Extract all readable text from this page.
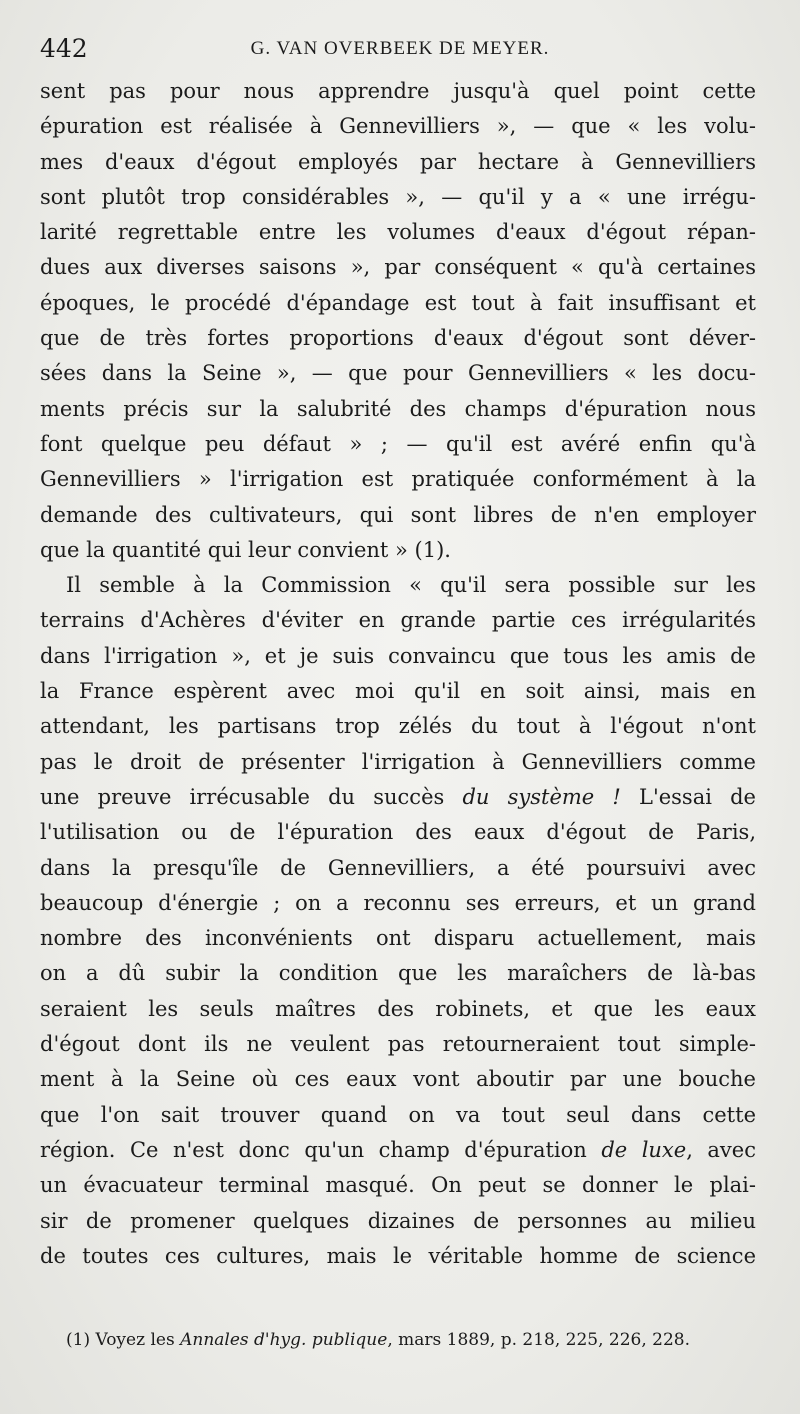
442	G. VAN OVERBEEK DE MEYER.
sent pas pour nous apprendre jusqu'à quel point cette
épuration est réalisée à Gennevilliers », — que « les volu-
mes d'eaux d'égout employés par hectare à Gennevilliers
sont plutôt trop considérables », — qu'il y a « une irrégu-
larité regrettable entre les volumes d'eaux d'égout répan-
dues aux diverses saisons », par conséquent « qu'à certaines
époques, le procédé d'épandage est tout à fait insuffisant et
que de très fortes proportions d'eaux d'égout sont déver-
sées dans la Seine », — que pour Gennevilliers « les docu-
ments précis sur la salubrité des champs d'épuration nous
font quelque peu défaut » ; — qu'il est avéré enfin qu'à
Gennevilliers » l'irrigation est pratiquée conformément à la
demande des cultivateurs, qui sont libres de n'en employer
que la quantité qui leur convient » (1).
Il semble à la Commission « qu'il sera possible sur les
terrains d'Achères d'éviter en grande partie ces irrégularités
dans l'irrigation », et je suis convaincu que tous les amis de
la France espèrent avec moi qu'il en soit ainsi, mais en
attendant, les partisans trop zélés du tout à l'égout n'ont
pas le droit de présenter l'irrigation à Gennevilliers comme
une preuve irrécusable du succès du système ! L'essai de
l'utilisation ou de l'épuration des eaux d'égout de Paris,
dans la presqu'île de Gennevilliers, a été poursuivi avec
beaucoup d'énergie ; on a reconnu ses erreurs, et un grand
nombre des inconvénients ont disparu actuellement, mais
on a dû subir la condition que les maraîchers de là-bas
seraient les seuls maîtres des robinets, et que les eaux
d'égout dont ils ne veulent pas retourneraient tout simple-
ment à la Seine où ces eaux vont aboutir par une bouche
que l'on sait trouver quand on va tout seul dans cette
région. Ce n'est donc qu'un champ d'épuration de luxe, avec
un évacuateur terminal masqué. On peut se donner le plai-
sir de promener quelques dizaines de personnes au milieu
de toutes ces cultures, mais le véritable homme de science
(1) Voyez les Annales d'hyg. publique, mars 1889, p. 218, 225, 226, 228.
